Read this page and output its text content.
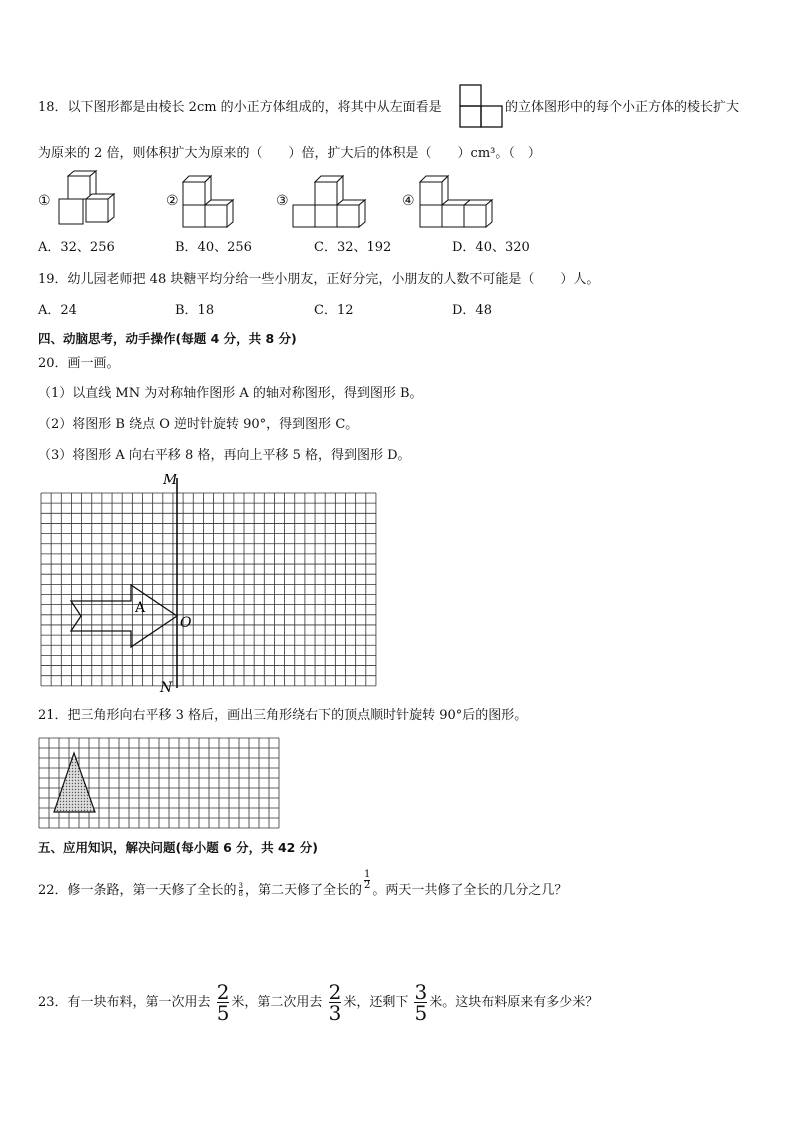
18．以下图形都是由棱长 2cm 的小正方体组成的，将其中从左面看是	的立体图形中的每个小正方体的棱长扩大
为原来的 2 倍，则体积扩大为原来的（　　）倍，扩大后的体积是（　　）cm³。（　）
①	②	③	④
A．32、256	B．40、256	C．32、192	D．40、320
19．幼儿园老师把 48 块糖平均分给一些小朋友，正好分完，小朋友的人数不可能是（　　）人。
A．24	B．18	C．12	D．48
四、动脑思考，动手操作(每题 4 分，共 8 分)
20．画一画。
（1）以直线 MN 为对称轴作图形 A 的轴对称图形，得到图形 B。
（2）将图形 B 绕点 O 逆时针旋转 90°，得到图形 C。
（3）将图形 A 向右平移 8 格，再向上平移 5 格，得到图形 D。
M
N
O
A
21．把三角形向右平移 3 格后，画出三角形绕右下的顶点顺时针旋转 90°后的图形。
五、应用知识，解决问题(每小题 6 分，共 42 分)
22．修一条路，第一天修了全长的 $\frac{3}{8}$ ，第二天修了全长的 $\frac{1}{2}$ 。两天一共修了全长的几分之几？
23．有一块布料，第一次用去 $\frac{2}{5}$ 米，第二次用去 $\frac{2}{3}$ 米，还剩下 $\frac{3}{5}$ 米。这块布料原来有多少米？
